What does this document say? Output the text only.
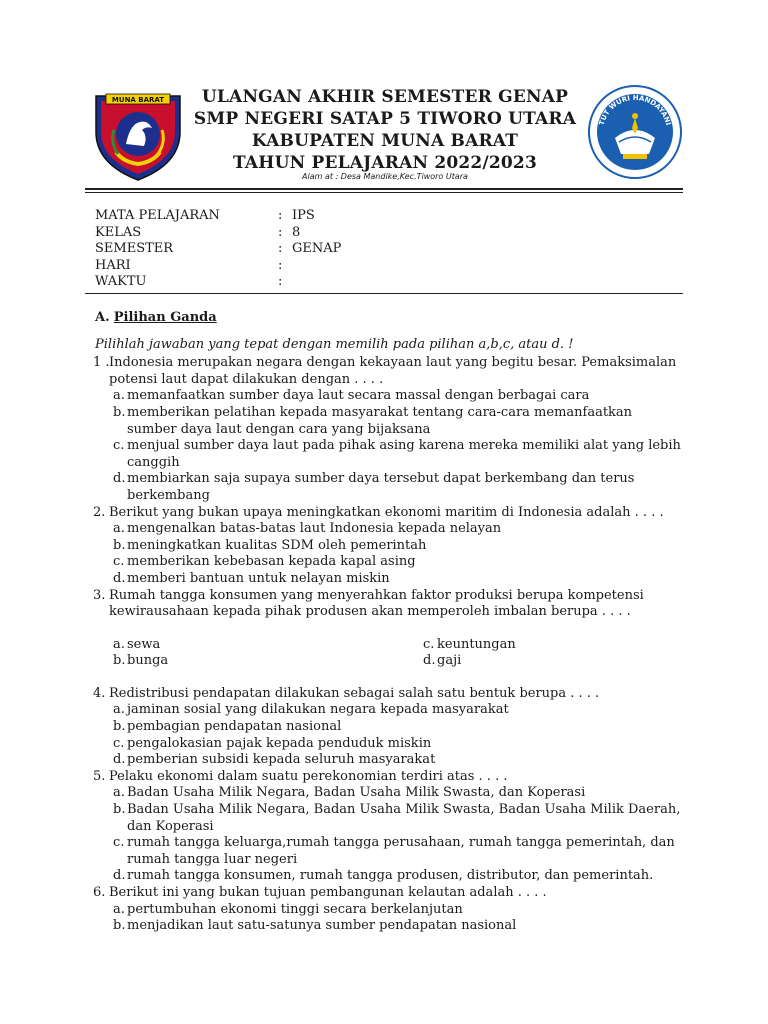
MUNA BARAT	ULANGAN AKHIR SEMESTER GENAP
SMP NEGERI SATAP 5 TIWORO UTARA
KABUPATEN MUNA BARAT
TAHUN PELAJARAN 2022/2023
Alam at : Desa Mandike,Kec.Tiworo Utara
TUT WURI HANDAYANI
MATA PELAJARAN	: IPS
KELAS	: 8
SEMESTER	: GENAP
HARI	:
WAKTU	:
A. Pilihan Ganda
Pilihlah jawaban yang tepat dengan memilih pada pilihan a,b,c, atau d. !
1 . Indonesia merupakan negara dengan kekayaan laut yang begitu besar. Pemaksimalan potensi laut dapat dilakukan dengan . . . .
a. memanfaatkan sumber daya laut secara massal dengan berbagai cara
b. memberikan pelatihan kepada masyarakat tentang cara-cara memanfaatkan sumber daya laut dengan cara yang bijaksana
c. menjual sumber daya laut pada pihak asing karena mereka memiliki alat yang lebih canggih
d. membiarkan saja supaya sumber daya tersebut dapat berkembang dan terus berkembang
2. Berikut yang bukan upaya meningkatkan ekonomi maritim di Indonesia adalah . . . .
a. mengenalkan batas-batas laut Indonesia kepada nelayan
b. meningkatkan kualitas SDM oleh pemerintah
c. memberikan kebebasan kepada kapal asing
d. memberi bantuan untuk nelayan miskin
3. Rumah tangga konsumen yang menyerahkan faktor produksi berupa kompetensi kewirausahaan kepada pihak produsen akan memperoleh imbalan berupa . . . .
a. sewa	c. keuntungan
b. bunga	d. gaji
4. Redistribusi pendapatan dilakukan sebagai salah satu bentuk berupa . . . .
a. jaminan sosial yang dilakukan negara kepada masyarakat
b. pembagian pendapatan nasional
c. pengalokasian pajak kepada penduduk miskin
d. pemberian subsidi kepada seluruh masyarakat
5. Pelaku ekonomi dalam suatu perekonomian terdiri atas . . . .
a. Badan Usaha Milik Negara, Badan Usaha Milik Swasta, dan Koperasi
b. Badan Usaha Milik Negara, Badan Usaha Milik Swasta, Badan Usaha Milik Daerah, dan Koperasi
c. rumah tangga keluarga,rumah tangga perusahaan, rumah tangga pemerintah, dan rumah tangga luar negeri
d. rumah tangga konsumen, rumah tangga produsen, distributor, dan pemerintah.
6. Berikut ini yang bukan tujuan pembangunan kelautan adalah . . . .
a. pertumbuhan ekonomi tinggi secara berkelanjutan
b. menjadikan laut satu-satunya sumber pendapatan nasional
